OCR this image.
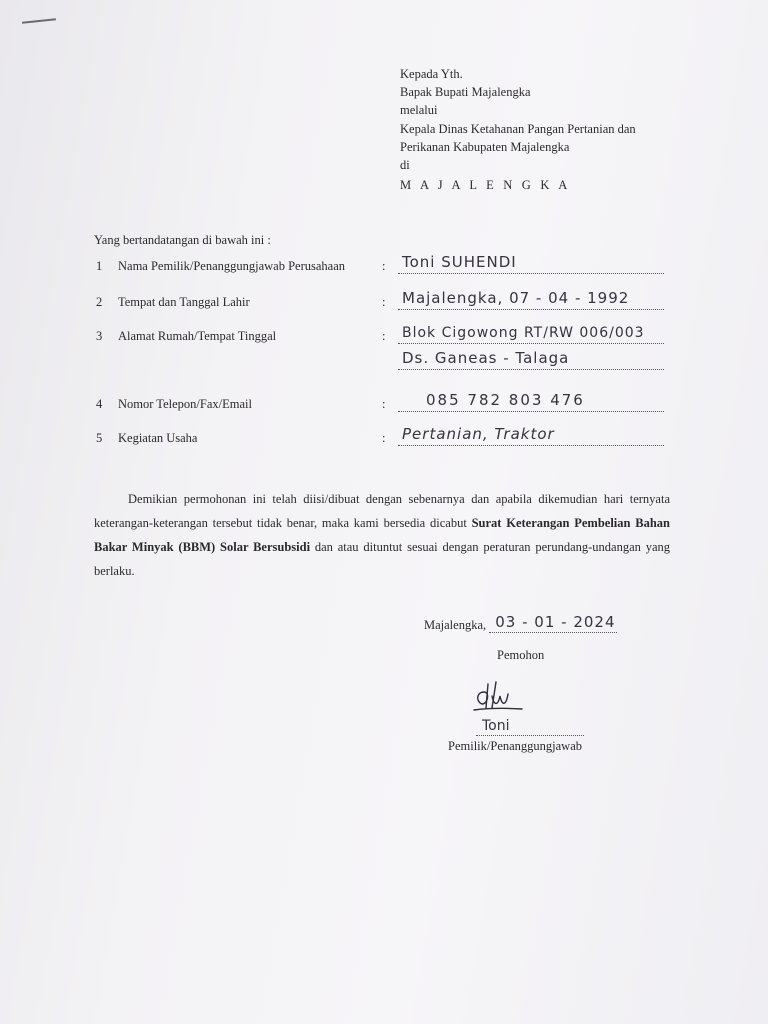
Kepada Yth.
Bapak Bupati Majalengka
melalui
Kepala Dinas Ketahanan Pangan Pertanian dan
Perikanan Kabupaten Majalengka
di
M A J A L E N G K A
Yang bertandatangan di bawah ini :
1 Nama Pemilik/Penanggungjawab Perusahaan	: Toni SUHENDI
2 Tempat dan Tanggal Lahir	: Majalengka, 07 - 04 - 1992
3 Alamat Rumah/Tempat Tinggal	: Blok Cigowong RT/RW 006/003
Ds. Ganeas - Talaga
4 Nomor Telepon/Fax/Email	:	085 782 803 476
5 Kegiatan Usaha	: Pertanian, Traktor
Demikian permohonan ini telah diisi/dibuat dengan sebenarnya dan apabila dikemudian hari ternyata keterangan-keterangan tersebut tidak benar, maka kami bersedia dicabut Surat Keterangan Pembelian Bahan Bakar Minyak (BBM) Solar Bersubsidi dan atau dituntut sesuai dengan peraturan perundang-undangan yang berlaku.
Majalengka, 03 - 01 - 2024
Pemohon
Toni
Pemilik/Penanggungjawab
